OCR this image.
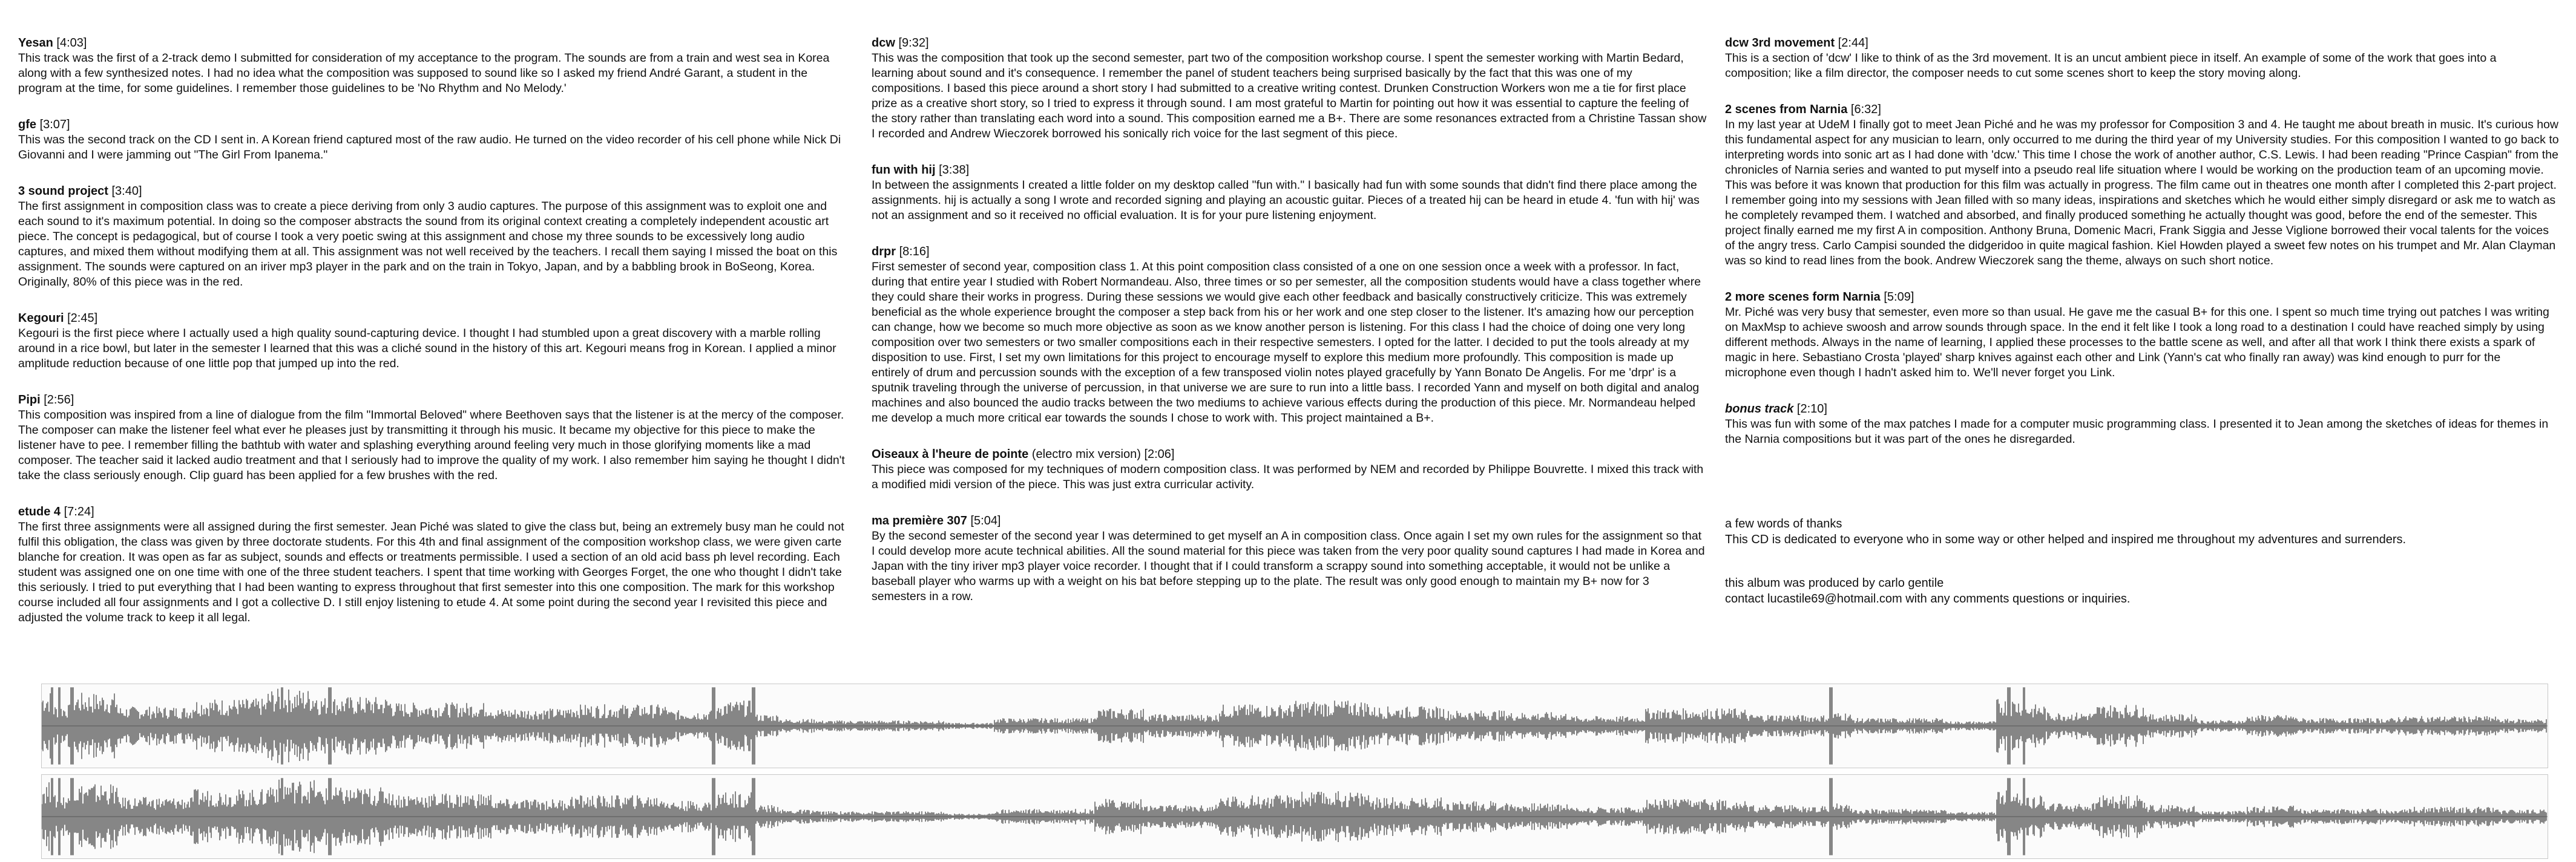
Yesan [4:03]

This track was the first of a 2-track demo I submitted for consideration of my acceptance to the program. The sounds are from a train and west sea in Korea along with a few synthesized notes. I had no idea what the composition was supposed to sound like so I asked my friend André Garant, a student in the program at the time, for some guidelines. I remember those guidelines to be 'No Rhythm and No Melody.'

gfe [3:07]

This was the second track on the CD I sent in. A Korean friend captured most of the raw audio. He turned on the video recorder of his cell phone while Nick Di Giovanni and I were jamming out "The Girl From Ipanema."

3 sound project [3:40]

The first assignment in composition class was to create a piece deriving from only 3 audio captures. The purpose of this assignment was to exploit one and each sound to it's maximum potential. In doing so the composer abstracts the sound from its original context creating a completely independent acoustic art piece. The concept is pedagogical, but of course I took a very poetic swing at this assignment and chose my three sounds to be excessively long audio captures, and mixed them without modifying them at all. This assignment was not well received by the teachers. I recall them saying I missed the boat on this assignment. The sounds were captured on an iriver mp3 player in the park and on the train in Tokyo, Japan, and by a babbling brook in BoSeong, Korea. Originally, 80% of this piece was in the red.

Kegouri [2:45]

Kegouri is the first piece where I actually used a high quality sound-capturing device. I thought I had stumbled upon a great discovery with a marble rolling around in a rice bowl, but later in the semester I learned that this was a cliché sound in the history of this art. Kegouri means frog in Korean. I applied a minor amplitude reduction because of one little pop that jumped up into the red.

Pipi [2:56]

This composition was inspired from a line of dialogue from the film "Immortal Beloved" where Beethoven says that the listener is at the mercy of the composer. The composer can make the listener feel what ever he pleases just by transmitting it through his music. It became my objective for this piece to make the listener have to pee. I remember filling the bathtub with water and splashing everything around feeling very much in those glorifying moments like a mad composer. The teacher said it lacked audio treatment and that I seriously had to improve the quality of my work. I also remember him saying he thought I didn't take the class seriously enough. Clip guard has been applied for a few brushes with the red.

etude 4 [7:24]

The first three assignments were all assigned during the first semester. Jean Piché was slated to give the class but, being an extremely busy man he could not fulfil this obligation, the class was given by three doctorate students. For this 4th and final assignment of the composition workshop class, we were given carte blanche for creation. It was open as far as subject, sounds and effects or treatments permissible. I used a section of an old acid bass ph level recording. Each student was assigned one on one time with one of the three student teachers. I spent that time working with Georges Forget, the one who thought I didn't take this seriously. I tried to put everything that I had been wanting to express throughout that first semester into this one composition. The mark for this workshop course included all four assignments and I got a collective D. I still enjoy listening to etude 4. At some point during the second year I revisited this piece and adjusted the volume track to keep it all legal.

dcw [9:32]

This was the composition that took up the second semester, part two of the composition workshop course. I spent the semester working with Martin Bedard, learning about sound and it's consequence. I remember the panel of student teachers being surprised basically by the fact that this was one of my compositions. I based this piece around a short story I had submitted to a creative writing contest. Drunken Construction Workers won me a tie for first place prize as a creative short story, so I tried to express it through sound. I am most grateful to Martin for pointing out how it was essential to capture the feeling of the story rather than translating each word into a sound. This composition earned me a B+. There are some resonances extracted from a Christine Tassan show I recorded and Andrew Wieczorek borrowed his sonically rich voice for the last segment of this piece.

fun with hij [3:38]

In between the assignments I created a little folder on my desktop called "fun with." I basically had fun with some sounds that didn't find there place among the assignments. hij is actually a song I wrote and recorded signing and playing an acoustic guitar. Pieces of a treated hij can be heard in etude 4. 'fun with hij' was not an assignment and so it received no official evaluation. It is for your pure listening enjoyment.

drpr [8:16]

First semester of second year, composition class 1. At this point composition class consisted of a one on one session once a week with a professor. In fact, during that entire year I studied with Robert Normandeau. Also, three times or so per semester, all the composition students would have a class together where they could share their works in progress. During these sessions we would give each other feedback and basically constructively criticize. This was extremely beneficial as the whole experience brought the composer a step back from his or her work and one step closer to the listener. It's amazing how our perception can change, how we become so much more objective as soon as we know another person is listening. For this class I had the choice of doing one very long composition over two semesters or two smaller compositions each in their respective semesters. I opted for the latter. I decided to put the tools already at my disposition to use. First, I set my own limitations for this project to encourage myself to explore this medium more profoundly. This composition is made up entirely of drum and percussion sounds with the exception of a few transposed violin notes played gracefully by Yann Bonato De Angelis. For me 'drpr' is a sputnik traveling through the universe of percussion, in that universe we are sure to run into a little bass. I recorded Yann and myself on both digital and analog machines and also bounced the audio tracks between the two mediums to achieve various effects during the production of this piece. Mr. Normandeau helped me develop a much more critical ear towards the sounds I chose to work with. This project maintained a B+.

Oiseaux à l'heure de pointe (electro mix version) [2:06]

This piece was composed for my techniques of modern composition class. It was performed by NEM and recorded by Philippe Bouvrette. I mixed this track with a modified midi version of the piece. This was just extra curricular activity.

ma première 307 [5:04]

By the second semester of the second year I was determined to get myself an A in composition class. Once again I set my own rules for the assignment so that I could develop more acute technical abilities. All the sound material for this piece was taken from the very poor quality sound captures I had made in Korea and Japan with the tiny iriver mp3 player voice recorder. I thought that if I could transform a scrappy sound into something acceptable, it would not be unlike a baseball player who warms up with a weight on his bat before stepping up to the plate. The result was only good enough to maintain my B+ now for 3 semesters in a row.

dcw 3rd movement [2:44]

This is a section of 'dcw' I like to think of as the 3rd movement. It is an uncut ambient piece in itself. An example of some of the work that goes into a composition; like a film director, the composer needs to cut some scenes short to keep the story moving along.

2 scenes from Narnia [6:32]

In my last year at UdeM I finally got to meet Jean Piché and he was my professor for Composition 3 and 4. He taught me about breath in music. It's curious how this fundamental aspect for any musician to learn, only occurred to me during the third year of my University studies. For this composition I wanted to go back to interpreting words into sonic art as I had done with 'dcw.' This time I chose the work of another author, C.S. Lewis. I had been reading "Prince Caspian" from the chronicles of Narnia series and wanted to put myself into a pseudo real life situation where I would be working on the production team of an upcoming movie. This was before it was known that production for this film was actually in progress. The film came out in theatres one month after I completed this 2-part project. I remember going into my sessions with Jean filled with so many ideas, inspirations and sketches which he would either simply disregard or ask me to watch as he completely revamped them. I watched and absorbed, and finally produced something he actually thought was good, before the end of the semester. This project finally earned me my first A in composition. Anthony Bruna, Domenic Macri, Frank Siggia and Jesse Viglione borrowed their vocal talents for the voices of the angry tress. Carlo Campisi sounded the didgeridoo in quite magical fashion. Kiel Howden played a sweet few notes on his trumpet and Mr. Alan Clayman was so kind to read lines from the book. Andrew Wieczorek sang the theme, always on such short notice.

2 more scenes form Narnia [5:09]

Mr. Piché was very busy that semester, even more so than usual. He gave me the casual B+ for this one. I spent so much time trying out patches I was writing on MaxMsp to achieve swoosh and arrow sounds through space. In the end it felt like I took a long road to a destination I could have reached simply by using different methods. Always in the name of learning, I applied these processes to the battle scene as well, and after all that work I think there exists a spark of magic in here. Sebastiano Crosta 'played' sharp knives against each other and Link (Yann's cat who finally ran away) was kind enough to purr for the microphone even though I hadn't asked him to. We'll never forget you Link.

bonus track [2:10]

This was fun with some of the max patches I made for a computer music programming class. I presented it to Jean among the sketches of ideas for themes in the Narnia compositions but it was part of the ones he disregarded.

a few words of thanks

This CD is dedicated to everyone who in some way or other helped and inspired me throughout my adventures and surrenders.

this album was produced by carlo gentile

contact lucastile69@hotmail.com with any comments questions or inquiries.
